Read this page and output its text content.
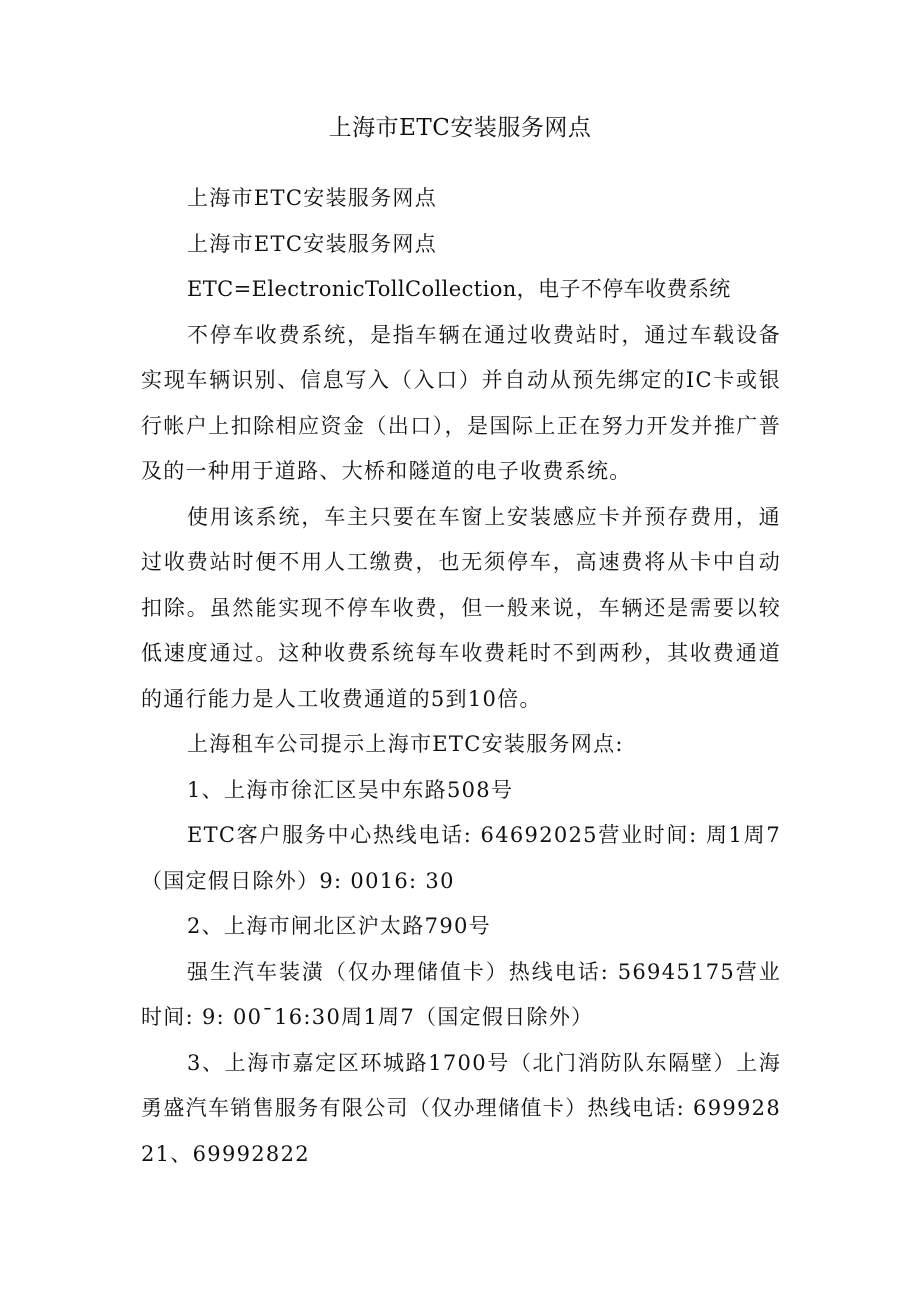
上海市ETC安装服务网点

上海市ETC安装服务网点

上海市ETC安装服务网点

ETC=ElectronicTollCollection，电子不停车收费系统

不停车收费系统，是指车辆在通过收费站时，通过车载设备实现车辆识别、信息写入（入口）并自动从预先绑定的IC卡或银行帐户上扣除相应资金（出口），是国际上正在努力开发并推广普及的一种用于道路、大桥和隧道的电子收费系统。

使用该系统，车主只要在车窗上安装感应卡并预存费用，通过收费站时便不用人工缴费，也无须停车，高速费将从卡中自动扣除。虽然能实现不停车收费，但一般来说，车辆还是需要以较低速度通过。这种收费系统每车收费耗时不到两秒，其收费通道的通行能力是人工收费通道的5到10倍。

上海租车公司提示上海市ETC安装服务网点:

1、上海市徐汇区吴中东路508号

ETC客户服务中心热线电话: 64692025营业时间: 周1周7（国定假日除外）9: 0016: 30

2、上海市闸北区沪太路790号

强生汽车装潢（仅办理储值卡）热线电话: 56945175营业时间: 9: 00¯16:30周1周7（国定假日除外）

3、上海市嘉定区环城路1700号（北门消防队东隔壁）上海勇盛汽车销售服务有限公司（仅办理储值卡）热线电话: 69992821、69992822
